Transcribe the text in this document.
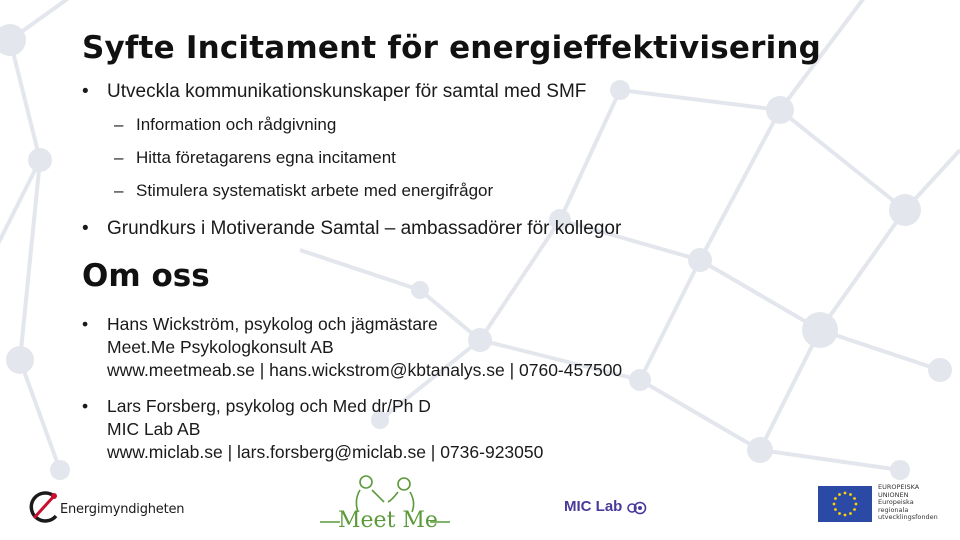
Syfte Incitament för energieffektivisering
• Utveckla kommunikationskunskaper för samtal med SMF
– Information och rådgivning
– Hitta företagarens egna incitament
– Stimulera systematiskt arbete med energifrågor
• Grundkurs i Motiverande Samtal – ambassadörer för kollegor
Om oss
• Hans Wickström, psykolog och jägmästare
Meet.Me Psykologkonsult AB
www.meetmeab.se | hans.wickstrom@kbtanalys.se | 0760-457500
• Lars Forsberg, psykolog och Med dr/Ph D
MIC Lab AB
www.miclab.se | lars.forsberg@miclab.se | 0736-923050
Energimyndigheten	Meet Me
MIC Lab
EUROPEISKA
UNIONEN
Europeiska
regionala
utvecklingsfonden
